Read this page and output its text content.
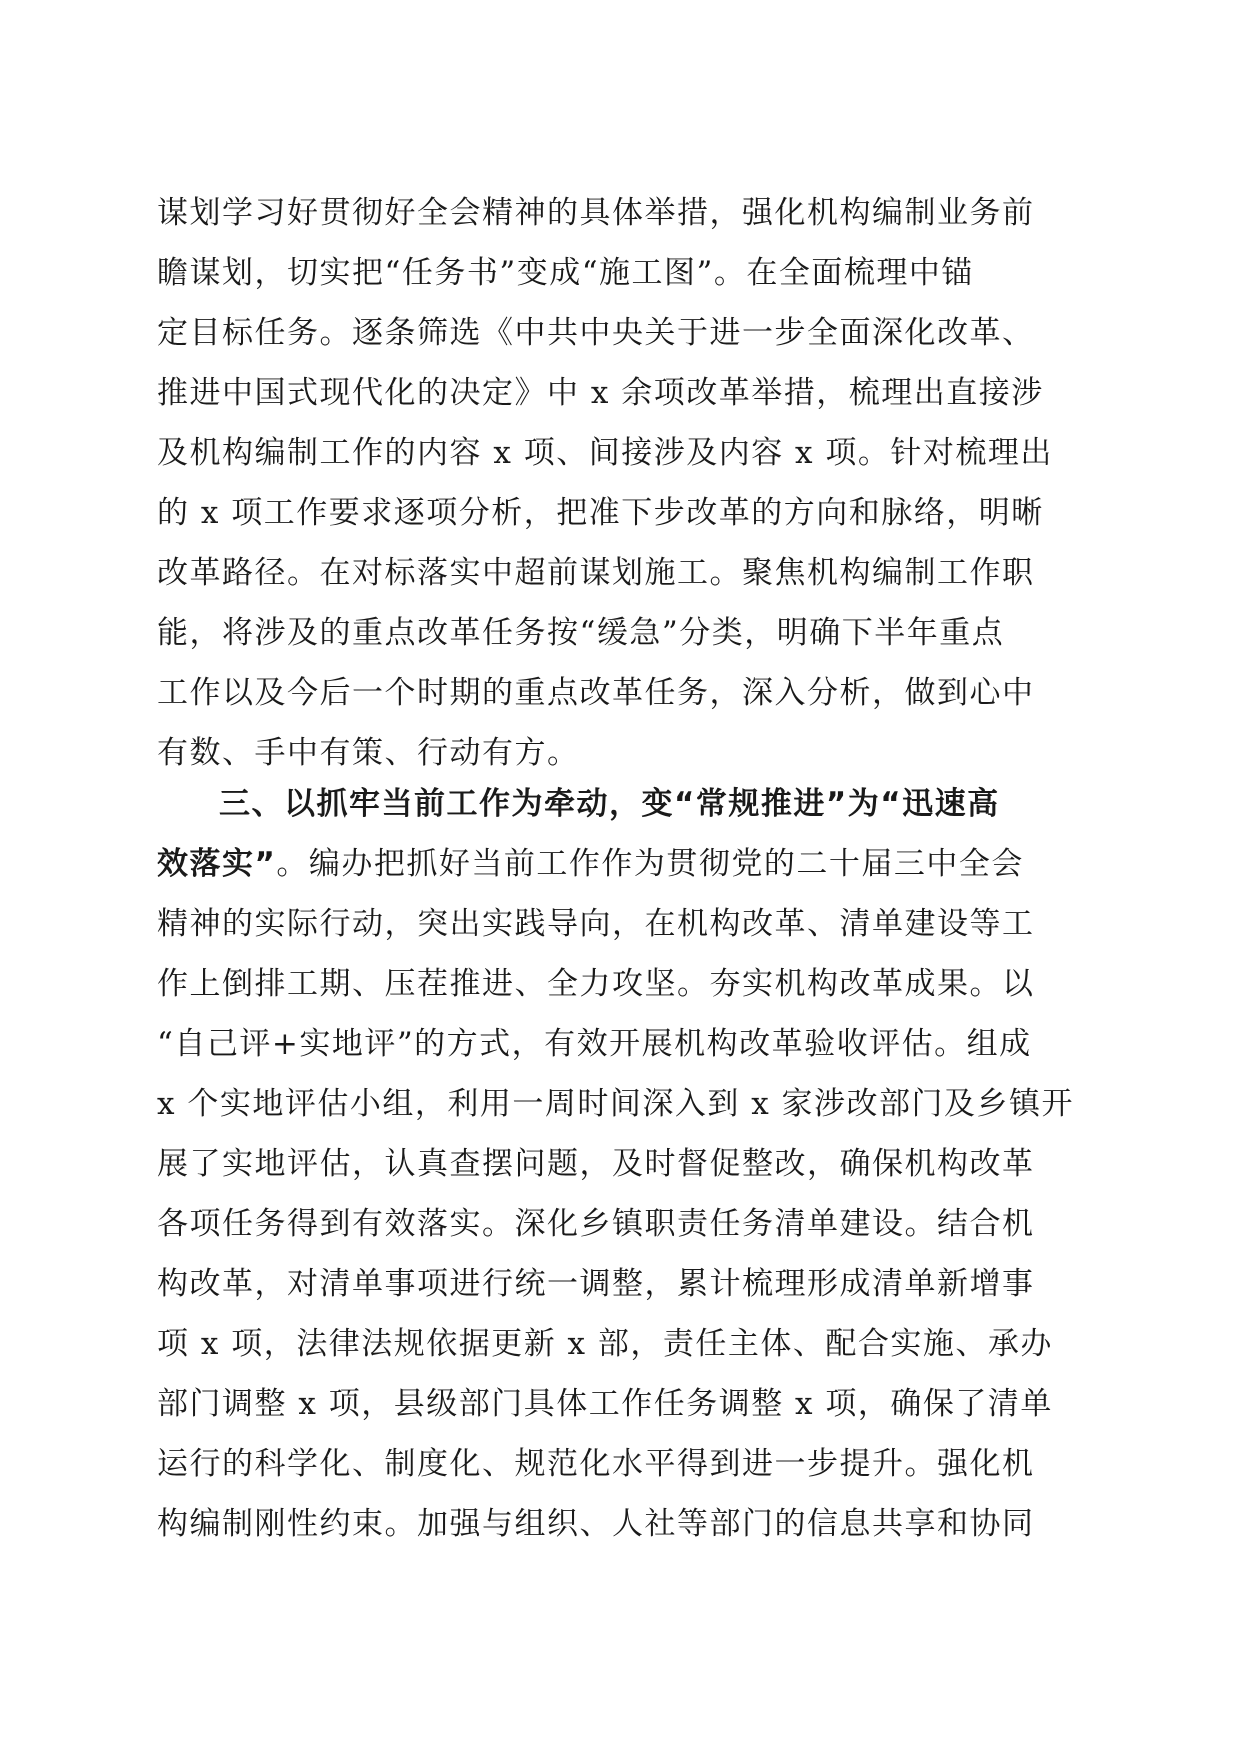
谋划学习好贯彻好全会精神的具体举措，强化机构编制业务前
瞻谋划，切实把“任务书”变成“施工图”。在全面梳理中锚
定目标任务。逐条筛选《中共中央关于进一步全面深化改革、
推进中国式现代化的决定》中 x 余项改革举措，梳理出直接涉
及机构编制工作的内容 x 项、间接涉及内容 x 项。针对梳理出
的 x 项工作要求逐项分析，把准下步改革的方向和脉络，明晰
改革路径。在对标落实中超前谋划施工。聚焦机构编制工作职
能，将涉及的重点改革任务按“缓急”分类，明确下半年重点
工作以及今后一个时期的重点改革任务，深入分析，做到心中
有数、手中有策、行动有方。
三、以抓牢当前工作为牵动，变“常规推进”为“迅速高
效落实”。编办把抓好当前工作作为贯彻党的二十届三中全会
精神的实际行动，突出实践导向，在机构改革、清单建设等工
作上倒排工期、压茬推进、全力攻坚。夯实机构改革成果。以
“自己评+实地评”的方式，有效开展机构改革验收评估。组成
x 个实地评估小组，利用一周时间深入到 x 家涉改部门及乡镇开
展了实地评估，认真查摆问题，及时督促整改，确保机构改革
各项任务得到有效落实。深化乡镇职责任务清单建设。结合机
构改革，对清单事项进行统一调整，累计梳理形成清单新增事
项 x 项，法律法规依据更新 x 部，责任主体、配合实施、承办
部门调整 x 项，县级部门具体工作任务调整 x 项，确保了清单
运行的科学化、制度化、规范化水平得到进一步提升。强化机
构编制刚性约束。加强与组织、人社等部门的信息共享和协同
